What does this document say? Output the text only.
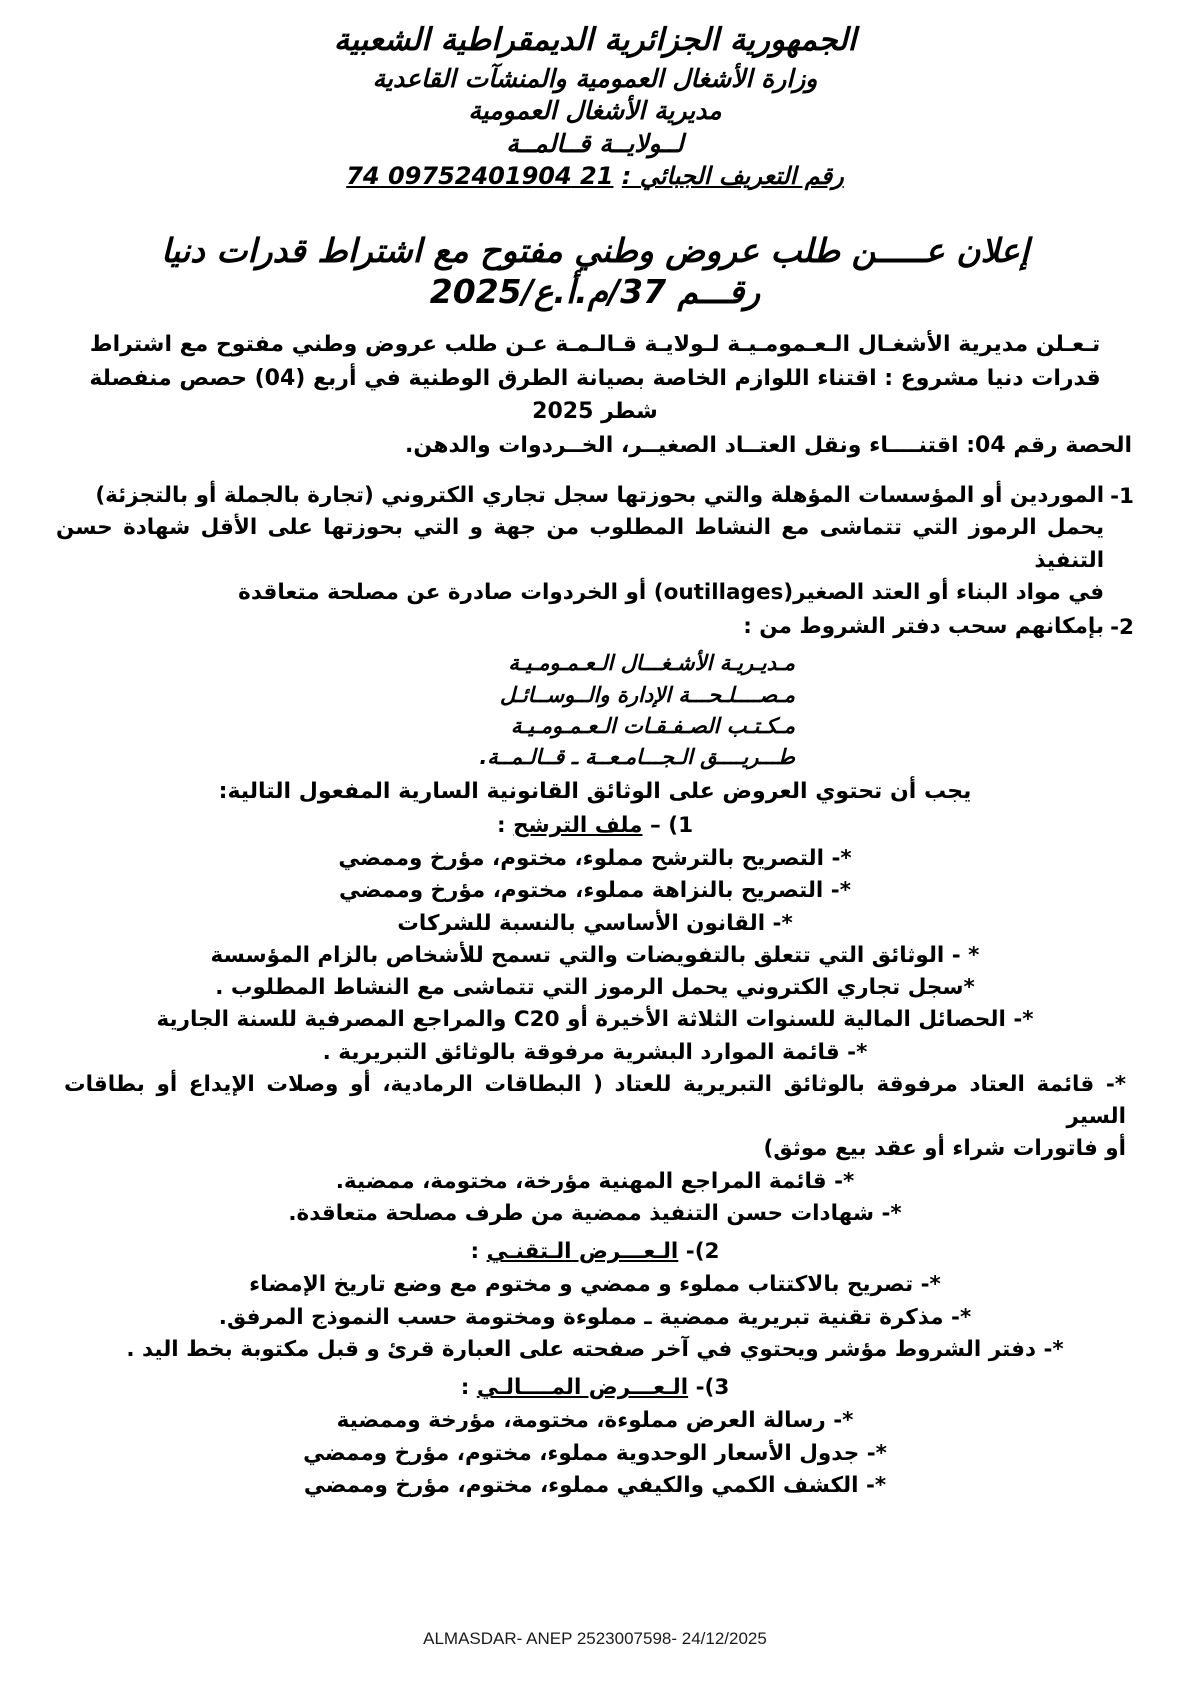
الجمهورية الجزائرية الديمقراطية الشعبية
وزارة الأشغال العمومية والمنشآت القاعدية
مديرية الأشغال العمومية
لــولايــة قــالمــة
رقم التعريف الجبائي : 21 09752401904 74
إعلان عـــــن طلب عروض وطني مفتوح مع اشتراط قدرات دنيا
رقـــم 37/م.أ.ع/2025

تـعـلن مديرية الأشغـال الـعـمومـيـة لـولايـة قـالـمـة عـن طلب عروض وطني مفتوح مع اشتراط

قدرات دنيا مشروع : اقتناء اللوازم الخاصة بصيانة الطرق الوطنية في أربع (04) حصص منفصلة شطر 2025

الحصة رقم 04: اقتنــــاء ونقل العتــاد الصغيــر، الخــردوات والدهن.

1-
الموردين أو المؤسسات المؤهلة والتي بحوزتها سجل تجاري الكتروني (تجارة بالجملة أو بالتجزئة)
يحمل الرموز التي تتماشى مع النشاط المطلوب من جهة و التي بحوزتها على الأقل شهادة حسن التنفيذ
في مواد البناء أو العتد الصغير(outillages) أو الخردوات صادرة عن مصلحة متعاقدة
2-
بإمكانهم سحب دفتر الشروط من :
مـديـريـة الأشـغـــال الـعـمـومـيـة
مـصــــلـحـــة الإدارة والــوســائـل
مـكـتـب الصـفـقـات الـعـمـومـيـة
طـــريــــق الـجـــامـعــة ـ قــالـمــة.
يجب أن تحتوي العروض على الوثائق القانونية السارية المفعول التالية:
1) – ملف الترشح :
*- التصريح بالترشح مملوء، مختوم، مؤرخ وممضي
*- التصريح بالنزاهة مملوء، مختوم، مؤرخ وممضي
*- القانون الأساسي بالنسبة للشركات
* - الوثائق التي تتعلق بالتفويضات والتي تسمح للأشخاص بالزام المؤسسة
*سجل تجاري الكتروني يحمل الرموز التي تتماشى مع النشاط المطلوب .
*- الحصائل المالية للسنوات الثلاثة الأخيرة أو C20 والمراجع المصرفية للسنة الجارية
*- قائمة الموارد البشرية مرفوقة بالوثائق التبريرية .
*- قائمة العتاد مرفوقة بالوثائق التبريرية للعتاد ( البطاقات الرمادية، أو وصلات الإيداع أو بطاقات السير
أو فاتورات شراء أو عقد بيع موثق)
*- قائمة المراجع المهنية مؤرخة، مختومة، ممضية.
*- شهادات حسن التنفيذ ممضية من طرف مصلحة متعاقدة.
2)- الـعـــرض الـتقنـي :
*- تصريح بالاكتتاب مملوء و ممضي و مختوم مع وضع تاريخ الإمضاء
*- مذكرة تقنية تبريرية ممضية ـ مملوءة ومختومة حسب النموذج المرفق.
*- دفتر الشروط مؤشر ويحتوي في آخر صفحته على العبارة قرئ و قبل مكتوبة بخط اليد .
3)- الـعـــرض المــــالـي :
*- رسالة العرض مملوءة، مختومة، مؤرخة وممضية
*- جدول الأسعار الوحدوية مملوء، مختوم، مؤرخ وممضي
*- الكشف الكمي والكيفي مملوء، مختوم، مؤرخ وممضي
ALMASDAR- ANEP 2523007598- 24/12/2025
